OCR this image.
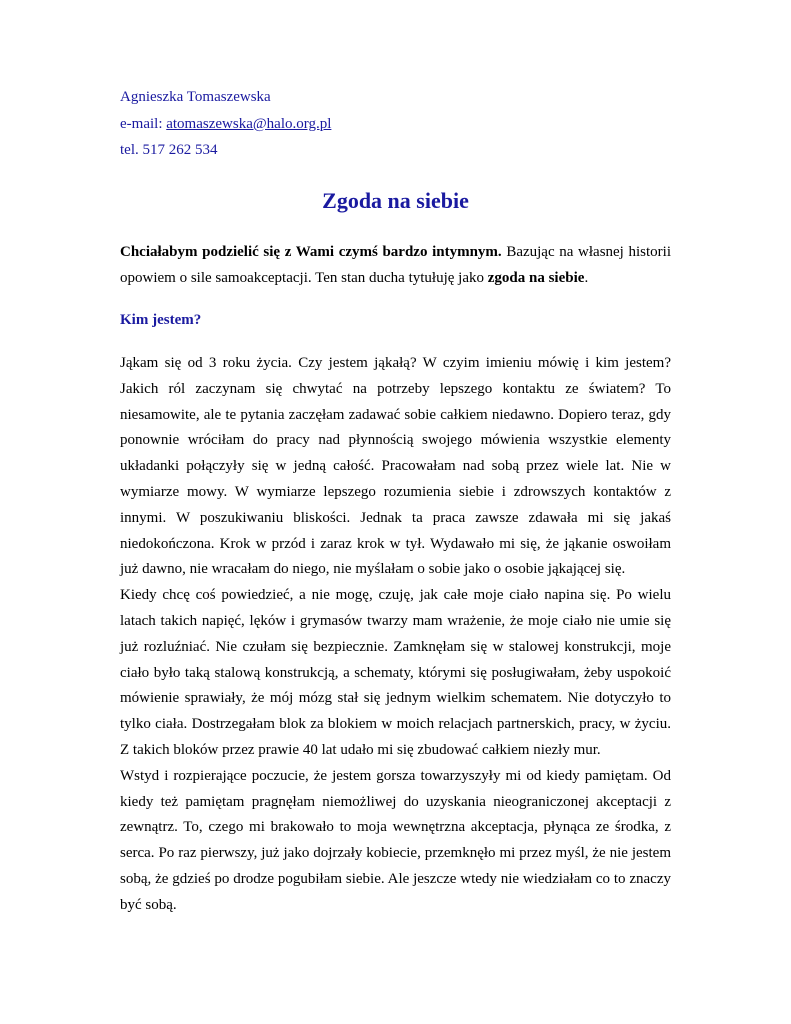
Agnieszka Tomaszewska
e-mail: atomaszewska@halo.org.pl
tel. 517 262 534
Zgoda na siebie

Chciałabym podzielić się z Wami czymś bardzo intymnym. Bazując na własnej historii opowiem o sile samoakceptacji. Ten stan ducha tytułuję jako zgoda na siebie.

Kim jestem?

Jąkam się od 3 roku życia. Czy jestem jąkałą? W czyim imieniu mówię i kim jestem? Jakich ról zaczynam się chwytać na potrzeby lepszego kontaktu ze światem? To niesamowite, ale te pytania zaczęłam zadawać sobie całkiem niedawno. Dopiero teraz, gdy ponownie wróciłam do pracy nad płynnością swojego mówienia wszystkie elementy układanki połączyły się w jedną całość. Pracowałam nad sobą przez wiele lat. Nie w wymiarze mowy. W wymiarze lepszego rozumienia siebie i zdrowszych kontaktów z innymi. W poszukiwaniu bliskości. Jednak ta praca zawsze zdawała mi się jakaś niedokończona. Krok w przód i zaraz krok w tył. Wydawało mi się, że jąkanie oswoiłam już dawno, nie wracałam do niego, nie myślałam o sobie jako o osobie jąkającej się.

Kiedy chcę coś powiedzieć, a nie mogę, czuję, jak całe moje ciało napina się. Po wielu latach takich napięć, lęków i grymasów twarzy mam wrażenie, że moje ciało nie umie się już rozluźniać. Nie czułam się bezpiecznie. Zamknęłam się w stalowej konstrukcji, moje ciało było taką stalową konstrukcją, a schematy, którymi się posługiwałam, żeby uspokoić mówienie sprawiały, że mój mózg stał się jednym wielkim schematem. Nie dotyczyło to tylko ciała. Dostrzegałam blok za blokiem w moich relacjach partnerskich, pracy, w życiu. Z takich bloków przez prawie 40 lat udało mi się zbudować całkiem niezły mur.

Wstyd i rozpierające poczucie, że jestem gorsza towarzyszyły mi od kiedy pamiętam. Od kiedy też pamiętam pragnęłam niemożliwej do uzyskania nieograniczonej akceptacji z zewnątrz. To, czego mi brakowało to moja wewnętrzna akceptacja, płynąca ze środka, z serca. Po raz pierwszy, już jako dojrzały kobiecie, przemknęło mi przez myśl, że nie jestem sobą, że gdzieś po drodze pogubiłam siebie. Ale jeszcze wtedy nie wiedziałam co to znaczy być sobą.
